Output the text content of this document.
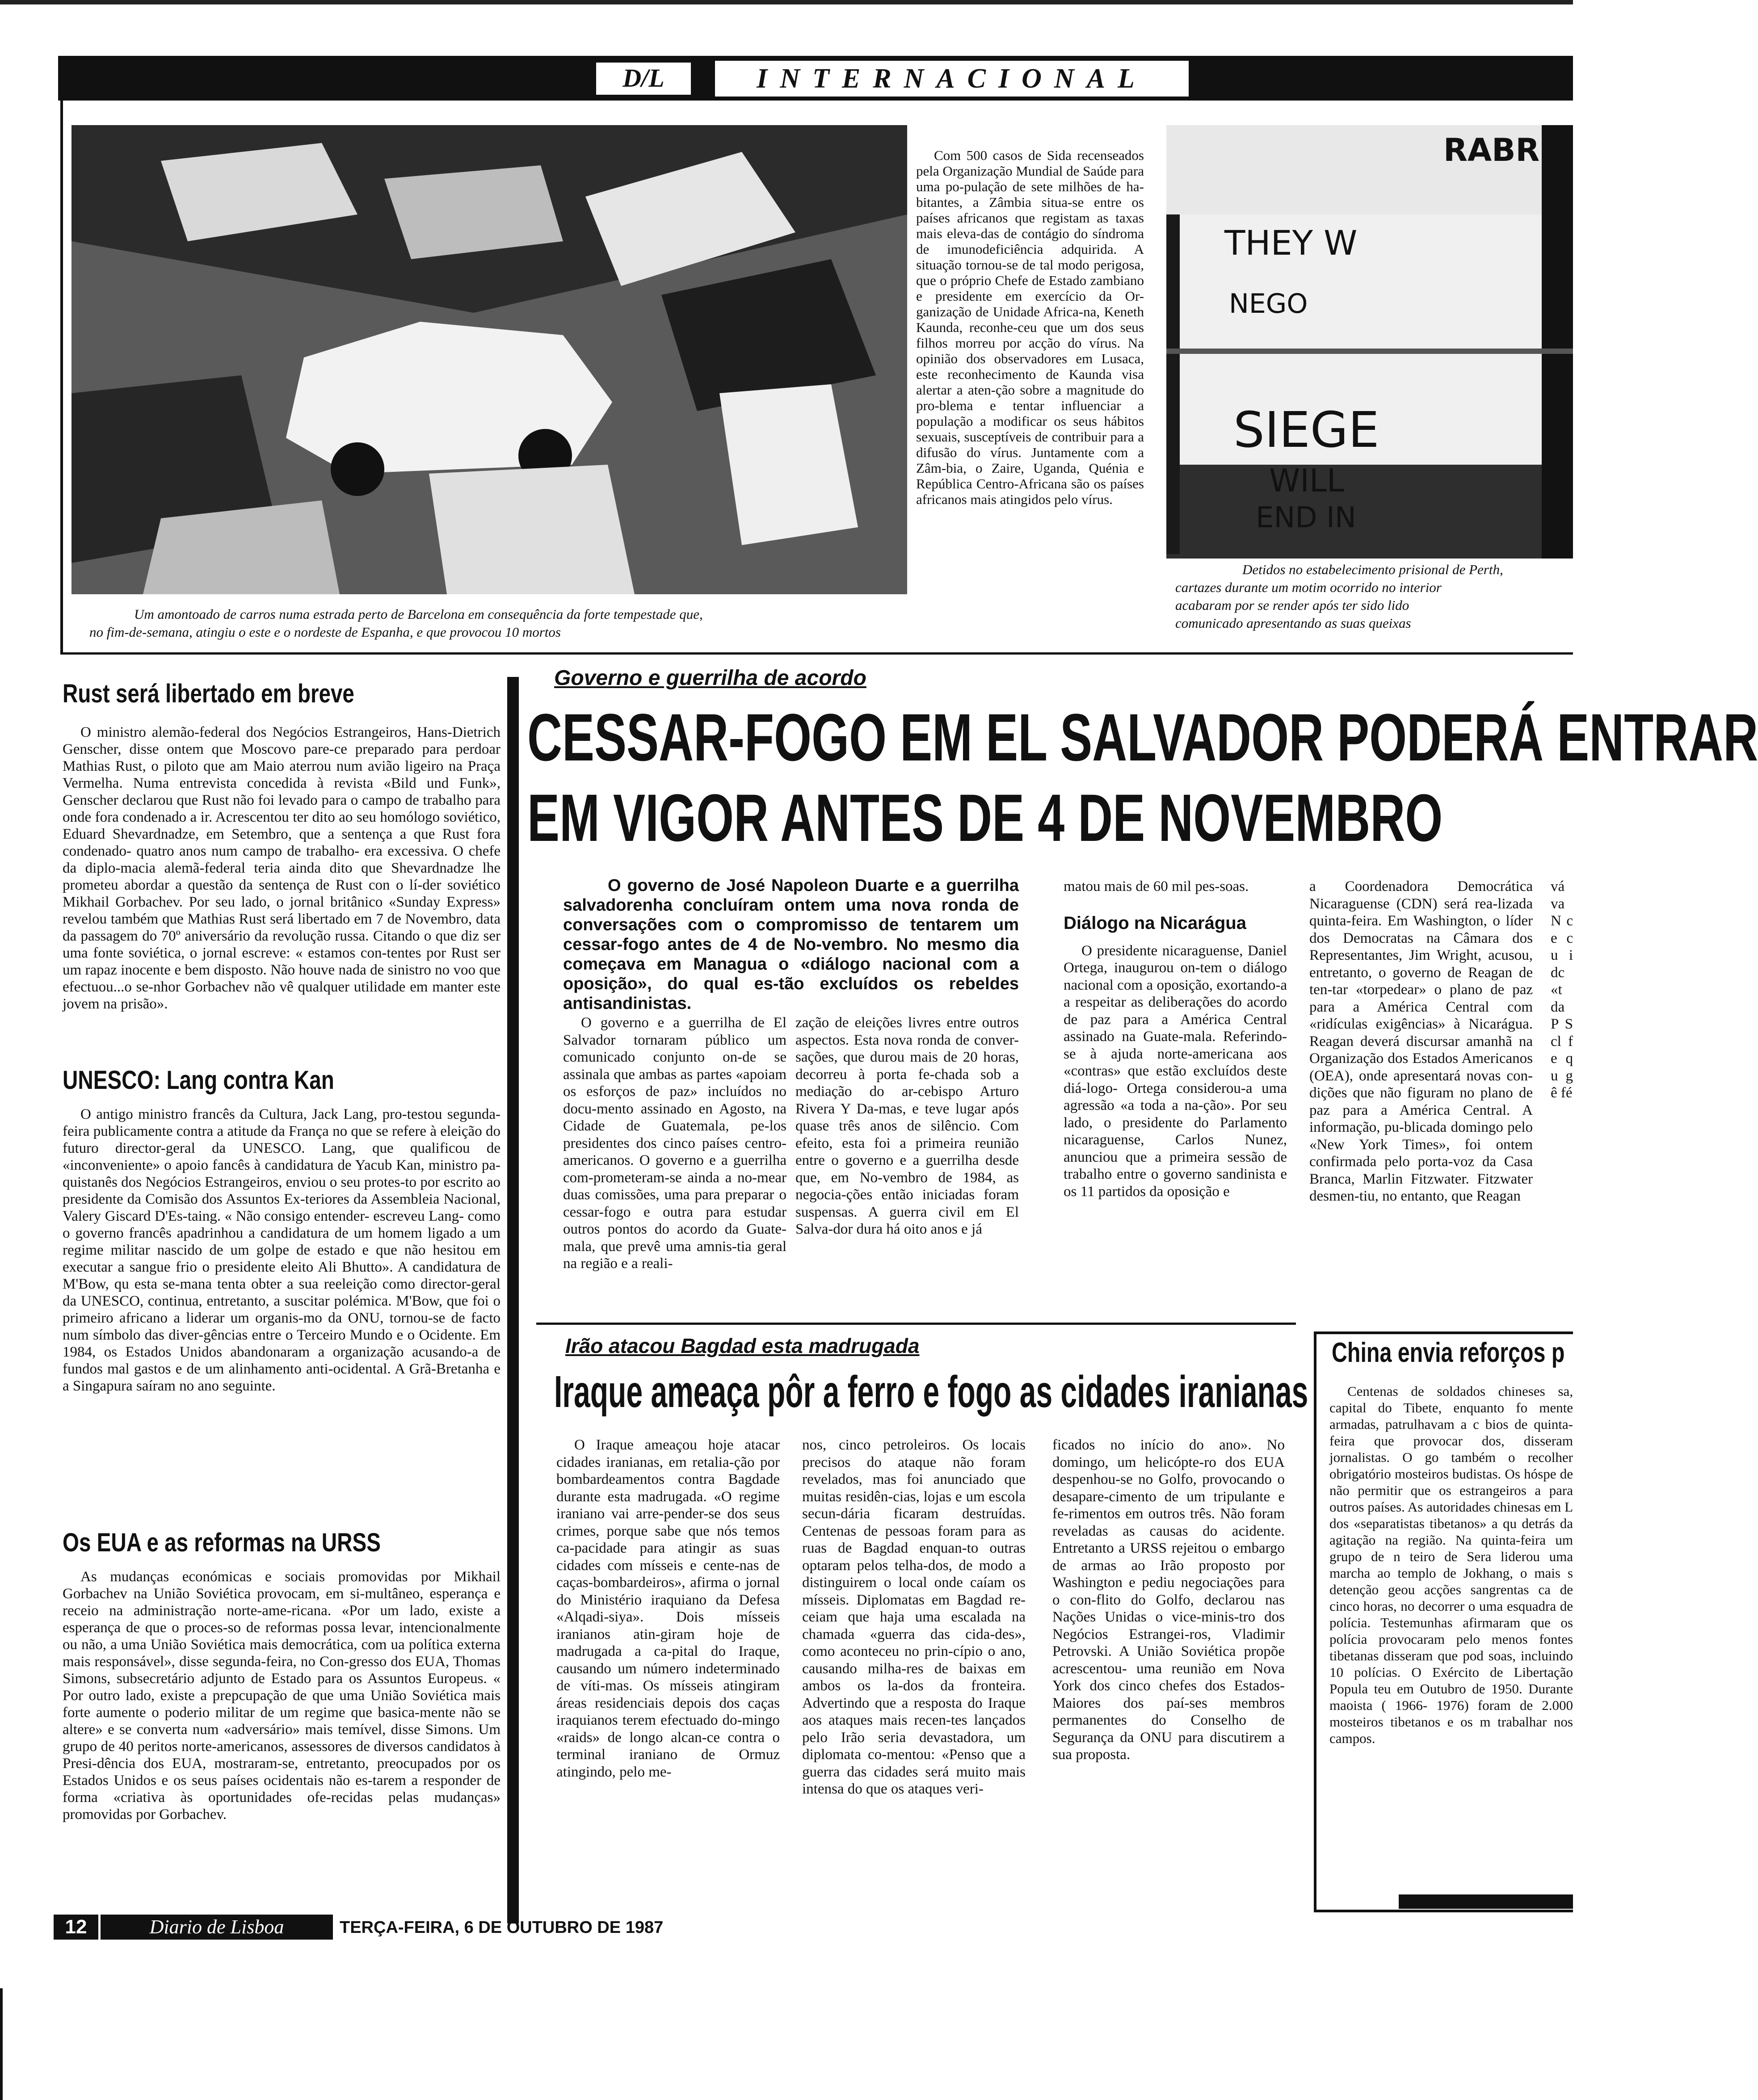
D/L	INTERNACIONAL
Um amontoado de carros numa estrada perto de Barcelona em consequência da forte tempestade que,
no fim-de-semana, atingiu o este e o nordeste de Espanha, e que provocou 10 mortos

Com 500 casos de Sida recenseados pela Organização Mundial de Saúde para uma po-pulação de sete milhões de ha-bitantes, a Zâmbia situa-se entre os países africanos que registam as taxas mais eleva-das de contágio do síndroma de imunodeficiência adquirida. A situação tornou-se de tal modo perigosa, que o próprio Chefe de Estado zambiano e presidente em exercício da Or-ganização de Unidade Africa-na, Keneth Kaunda, reconhe-ceu que um dos seus filhos morreu por acção do vírus. Na opinião dos observadores em Lusaca, este reconhecimento de Kaunda visa alertar a aten-ção sobre a magnitude do pro-blema e tentar influenciar a população a modificar os seus hábitos sexuais, susceptíveis de contribuir para a difusão do vírus. Juntamente com a Zâm-bia, o Zaire, Uganda, Quénia e República Centro-Africana são os países africanos mais atingidos pelo vírus.

RABR
THEY W
NEGO
SIEGE
WILL
END IN
Detidos no estabelecimento prisional de Perth,
cartazes durante um motim ocorrido no interior
acabaram por se render após ter sido lido
comunicado apresentando as suas queixas
Rust será libertado em breve

O ministro alemão-federal dos Negócios Estrangeiros, Hans-Dietrich Genscher, disse ontem que Moscovo pare-ce preparado para perdoar Mathias Rust, o piloto que am Maio aterrou num avião ligeiro na Praça Vermelha. Numa entrevista concedida à revista «Bild und Funk», Genscher declarou que Rust não foi levado para o campo de trabalho para onde fora condenado a ir. Acrescentou ter dito ao seu homólogo soviético, Eduard Shevardnadze, em Setembro, que a sentença a que Rust fora condenado- quatro anos num campo de trabalho- era excessiva. O chefe da diplo-macia alemã-federal teria ainda dito que Shevardnadze lhe prometeu abordar a questão da sentença de Rust con o lí-der soviético Mikhail Gorbachev. Por seu lado, o jornal britânico «Sunday Express» revelou também que Mathias Rust será libertado em 7 de Novembro, data da passagem do 70º aniversário da revolução russa. Citando o que diz ser uma fonte soviética, o jornal escreve: « estamos con-tentes por Rust ser um rapaz inocente e bem disposto. Não houve nada de sinistro no voo que efectuou...o se-nhor Gorbachev não vê qualquer utilidade em manter este jovem na prisão».

UNESCO: Lang contra Kan

O antigo ministro francês da Cultura, Jack Lang, pro-testou segunda-feira publicamente contra a atitude da França no que se refere à eleição do futuro director-geral da UNESCO. Lang, que qualificou de «inconveniente» o apoio fancês à candidatura de Yacub Kan, ministro pa-quistanês dos Negócios Estrangeiros, enviou o seu protes-to por escrito ao presidente da Comisão dos Assuntos Ex-teriores da Assembleia Nacional, Valery Giscard D'Es-taing. « Não consigo entender- escreveu Lang- como o governo francês apadrinhou a candidatura de um homem ligado a um regime militar nascido de um golpe de estado e que não hesitou em executar a sangue frio o presidente eleito Ali Bhutto». A candidatura de M'Bow, qu esta se-mana tenta obter a sua reeleição como director-geral da UNESCO, continua, entretanto, a suscitar polémica. M'Bow, que foi o primeiro africano a liderar um organis-mo da ONU, tornou-se de facto num símbolo das diver-gências entre o Terceiro Mundo e o Ocidente. Em 1984, os Estados Unidos abandonaram a organização acusando-a de fundos mal gastos e de um alinhamento anti-ocidental. A Grã-Bretanha e a Singapura saíram no ano seguinte.

Os EUA e as reformas na URSS

As mudanças económicas e sociais promovidas por Mikhail Gorbachev na União Soviética provocam, em si-multâneo, esperança e receio na administração norte-ame-ricana. «Por um lado, existe a esperança de que o proces-so de reformas possa levar, intencionalmente ou não, a uma União Soviética mais democrática, com ua política externa mais responsável», disse segunda-feira, no Con-gresso dos EUA, Thomas Simons, subsecretário adjunto de Estado para os Assuntos Europeus. « Por outro lado, existe a prepcupação de que uma União Soviética mais forte aumente o poderio militar de um regime que basica-mente não se altere» e se converta num «adversário» mais temível, disse Simons. Um grupo de 40 peritos norte-americanos, assessores de diversos candidatos à Presi-dência dos EUA, mostraram-se, entretanto, preocupados por os Estados Unidos e os seus países ocidentais não es-tarem a responder de forma «criativa às oportunidades ofe-recidas pelas mudanças» promovidas por Gorbachev.

Governo e guerrilha de acordo
CESSAR-FOGO EM EL SALVADOR PODERÁ ENTRAR
EM VIGOR ANTES DE 4 DE NOVEMBRO
O governo de José Napoleon Duarte e a guerrilha salvadorenha concluíram ontem uma nova ronda de conversações com o compromisso de tentarem um cessar-fogo antes de 4 de No-vembro. No mesmo dia começava em Managua o «diálogo nacional com a oposição», do qual es-tão excluídos os rebeldes antisandinistas.

O governo e a guerrilha de El Salvador tornaram público um comunicado conjunto on-de se assinala que ambas as partes «apoiam os esforços de paz» incluídos no docu-mento assinado en Agosto, na Cidade de Guatemala, pe-los presidentes dos cinco países centro-americanos. O governo e a guerrilha com-prometeram-se ainda a no-mear duas comissões, uma para preparar o cessar-fogo e outra para estudar outros pontos do acordo da Guate-mala, que prevê uma amnis-tia geral na região e a reali-

zação de eleições livres entre outros aspectos. Esta nova ronda de conver-sações, que durou mais de 20 horas, decorreu à porta fe-chada sob a mediação do ar-cebispo Arturo Rivera Y Da-mas, e teve lugar após quase três anos de silêncio. Com efeito, esta foi a primeira reunião entre o governo e a guerrilha desde que, em No-vembro de 1984, as negocia-ções então iniciadas foram suspensas. A guerra civil em El Salva-dor dura há oito anos e já

matou mais de 60 mil pes-soas.

Diálogo na Nicarágua

O presidente nicaraguense, Daniel Ortega, inaugurou on-tem o diálogo nacional com a oposição, exortando-a a respeitar as deliberações do acordo de paz para a América Central assinado na Guate-mala. Referindo-se à ajuda norte-americana aos «contras» que estão excluídos deste diá-logo- Ortega considerou-a uma agressão «a toda a na-ção». Por seu lado, o presidente do Parlamento nicaraguense, Carlos Nunez, anunciou que a primeira sessão de trabalho entre o governo sandinista e os 11 partidos da oposição e

a Coordenadora Democrática Nicaraguense (CDN) será rea-lizada quinta-feira. Em Washington, o líder dos Democratas na Câmara dos Representantes, Jim Wright, acusou, entretanto, o governo de Reagan de ten-tar «torpedear» o plano de paz para a América Central com «ridículas exigências» à Nicarágua. Reagan deverá discursar amanhã na Organização dos Estados Americanos (OEA), onde apresentará novas con-dições que não figuram no plano de paz para a América Central. A informação, pu-blicada domingo pelo «New York Times», foi ontem confirmada pelo porta-voz da Casa Branca, Marlin Fitzwater. Fitzwater desmen-tiu, no entanto, que Reagan

vá va N ce cu i dc «t da P S cl fe qu gê fé

Irão atacou Bagdad esta madrugada
Iraque ameaça pôr a ferro e fogo as cidades iranianas

O Iraque ameaçou hoje atacar cidades iranianas, em retalia-ção por bombardeamentos contra Bagdade durante esta madrugada. «O regime iraniano vai arre-pender-se dos seus crimes, porque sabe que nós temos ca-pacidade para atingir as suas cidades com mísseis e cente-nas de caças-bombardeiros», afirma o jornal do Ministério iraquiano da Defesa «Alqadi-siya». Dois mísseis iranianos atin-giram hoje de madrugada a ca-pital do Iraque, causando um número indeterminado de víti-mas. Os mísseis atingiram áreas residenciais depois dos caças iraquianos terem efectuado do-mingo «raids» de longo alcan-ce contra o terminal iraniano de Ormuz atingindo, pelo me-

nos, cinco petroleiros. Os locais precisos do ataque não foram revelados, mas foi anunciado que muitas residên-cias, lojas e um escola secun-dária ficaram destruídas. Centenas de pessoas foram para as ruas de Bagdad enquan-to outras optaram pelos telha-dos, de modo a distinguirem o local onde caíam os mísseis. Diplomatas em Bagdad re-ceiam que haja uma escalada na chamada «guerra das cida-des», como aconteceu no prin-cípio o ano, causando milha-res de baixas em ambos os la-dos da fronteira. Advertindo que a resposta do Iraque aos ataques mais recen-tes lançados pelo Irão seria devastadora, um diplomata co-mentou: «Penso que a guerra das cidades será muito mais intensa do que os ataques veri-

ficados no início do ano». No domingo, um helicópte-ro dos EUA despenhou-se no Golfo, provocando o desapare-cimento de um tripulante e fe-rimentos em outros três. Não foram reveladas as causas do acidente. Entretanto a URSS rejeitou o embargo de armas ao Irão proposto por Washington e pediu negociações para o con-flito do Golfo, declarou nas Nações Unidas o vice-minis-tro dos Negócios Estrangei-ros, Vladimir Petrovski. A União Soviética propõe acrescentou- uma reunião em Nova York dos cinco chefes dos Estados-Maiores dos paí-ses membros permanentes do Conselho de Segurança da ONU para discutirem a sua proposta.

China envia reforços p

Centenas de soldados chineses sa, capital do Tibete, enquanto fo mente armadas, patrulhavam a c bios de quinta-feira que provocar dos, disseram jornalistas. O go também o recolher obrigatório mosteiros budistas. Os hóspe de não permitir que os estrangeiros a para outros países. As autoridades chinesas em L dos «separatistas tibetanos» a qu detrás da agitação na região. Na quinta-feira um grupo de n teiro de Sera liderou uma marcha ao templo de Jokhang, o mais s detenção geou acções sangrentas ca de cinco horas, no decorrer o uma esquadra de polícia. Testemunhas afirmaram que os polícia provocaram pelo menos fontes tibetanas disseram que pod soas, incluindo 10 polícias. O Exército de Libertação Popula teu em Outubro de 1950. Durante maoista ( 1966- 1976) foram de 2.000 mosteiros tibetanos e os m trabalhar nos campos.

12	Diario de Lisboa	TERÇA-FEIRA, 6 DE OUTUBRO DE 1987
